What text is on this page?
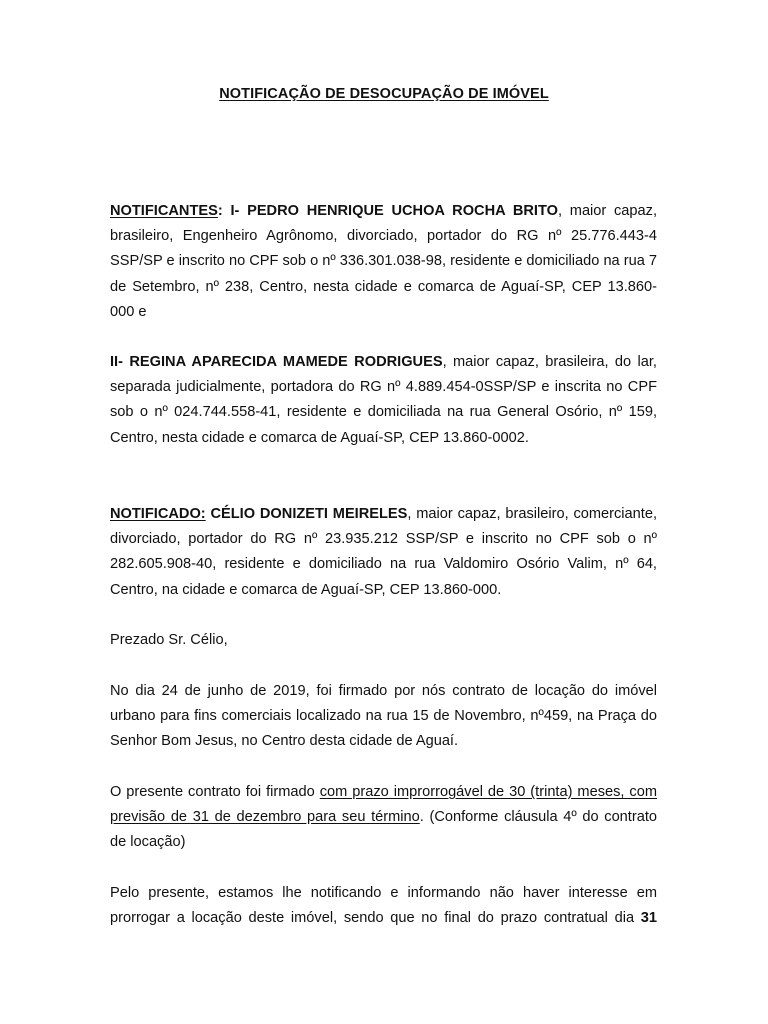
NOTIFICAÇÃO DE DESOCUPAÇÃO DE IMÓVEL

NOTIFICANTES: I- PEDRO HENRIQUE UCHOA ROCHA BRITO, maior capaz, brasileiro, Engenheiro Agrônomo, divorciado, portador do RG nº 25.776.443-4 SSP/SP e inscrito no CPF sob o nº 336.301.038-98, residente e domiciliado na rua 7 de Setembro, nº 238, Centro, nesta cidade e comarca de Aguaí-SP, CEP 13.860-000 e

II- REGINA APARECIDA MAMEDE RODRIGUES, maior capaz, brasileira, do lar, separada judicialmente, portadora do RG nº 4.889.454-0SSP/SP e inscrita no CPF sob o nº 024.744.558-41, residente e domiciliada na rua General Osório, nº 159, Centro, nesta cidade e comarca de Aguaí-SP, CEP 13.860-0002.

NOTIFICADO: CÉLIO DONIZETI MEIRELES, maior capaz, brasileiro, comerciante, divorciado, portador do RG nº 23.935.212 SSP/SP e inscrito no CPF sob o nº 282.605.908-40, residente e domiciliado na rua Valdomiro Osório Valim, nº 64, Centro, na cidade e comarca de Aguaí-SP, CEP 13.860-000.

Prezado Sr. Célio,

No dia 24 de junho de 2019, foi firmado por nós contrato de locação do imóvel urbano para fins comerciais localizado na rua 15 de Novembro, nº459, na Praça do Senhor Bom Jesus, no Centro desta cidade de Aguaí.

O presente contrato foi firmado com prazo improrrogável de 30 (trinta) meses, com previsão de 31 de dezembro para seu término. (Conforme cláusula 4º do contrato de locação)

Pelo presente, estamos lhe notificando e informando não haver interesse em prorrogar a locação deste imóvel, sendo que no final do prazo contratual dia 31
